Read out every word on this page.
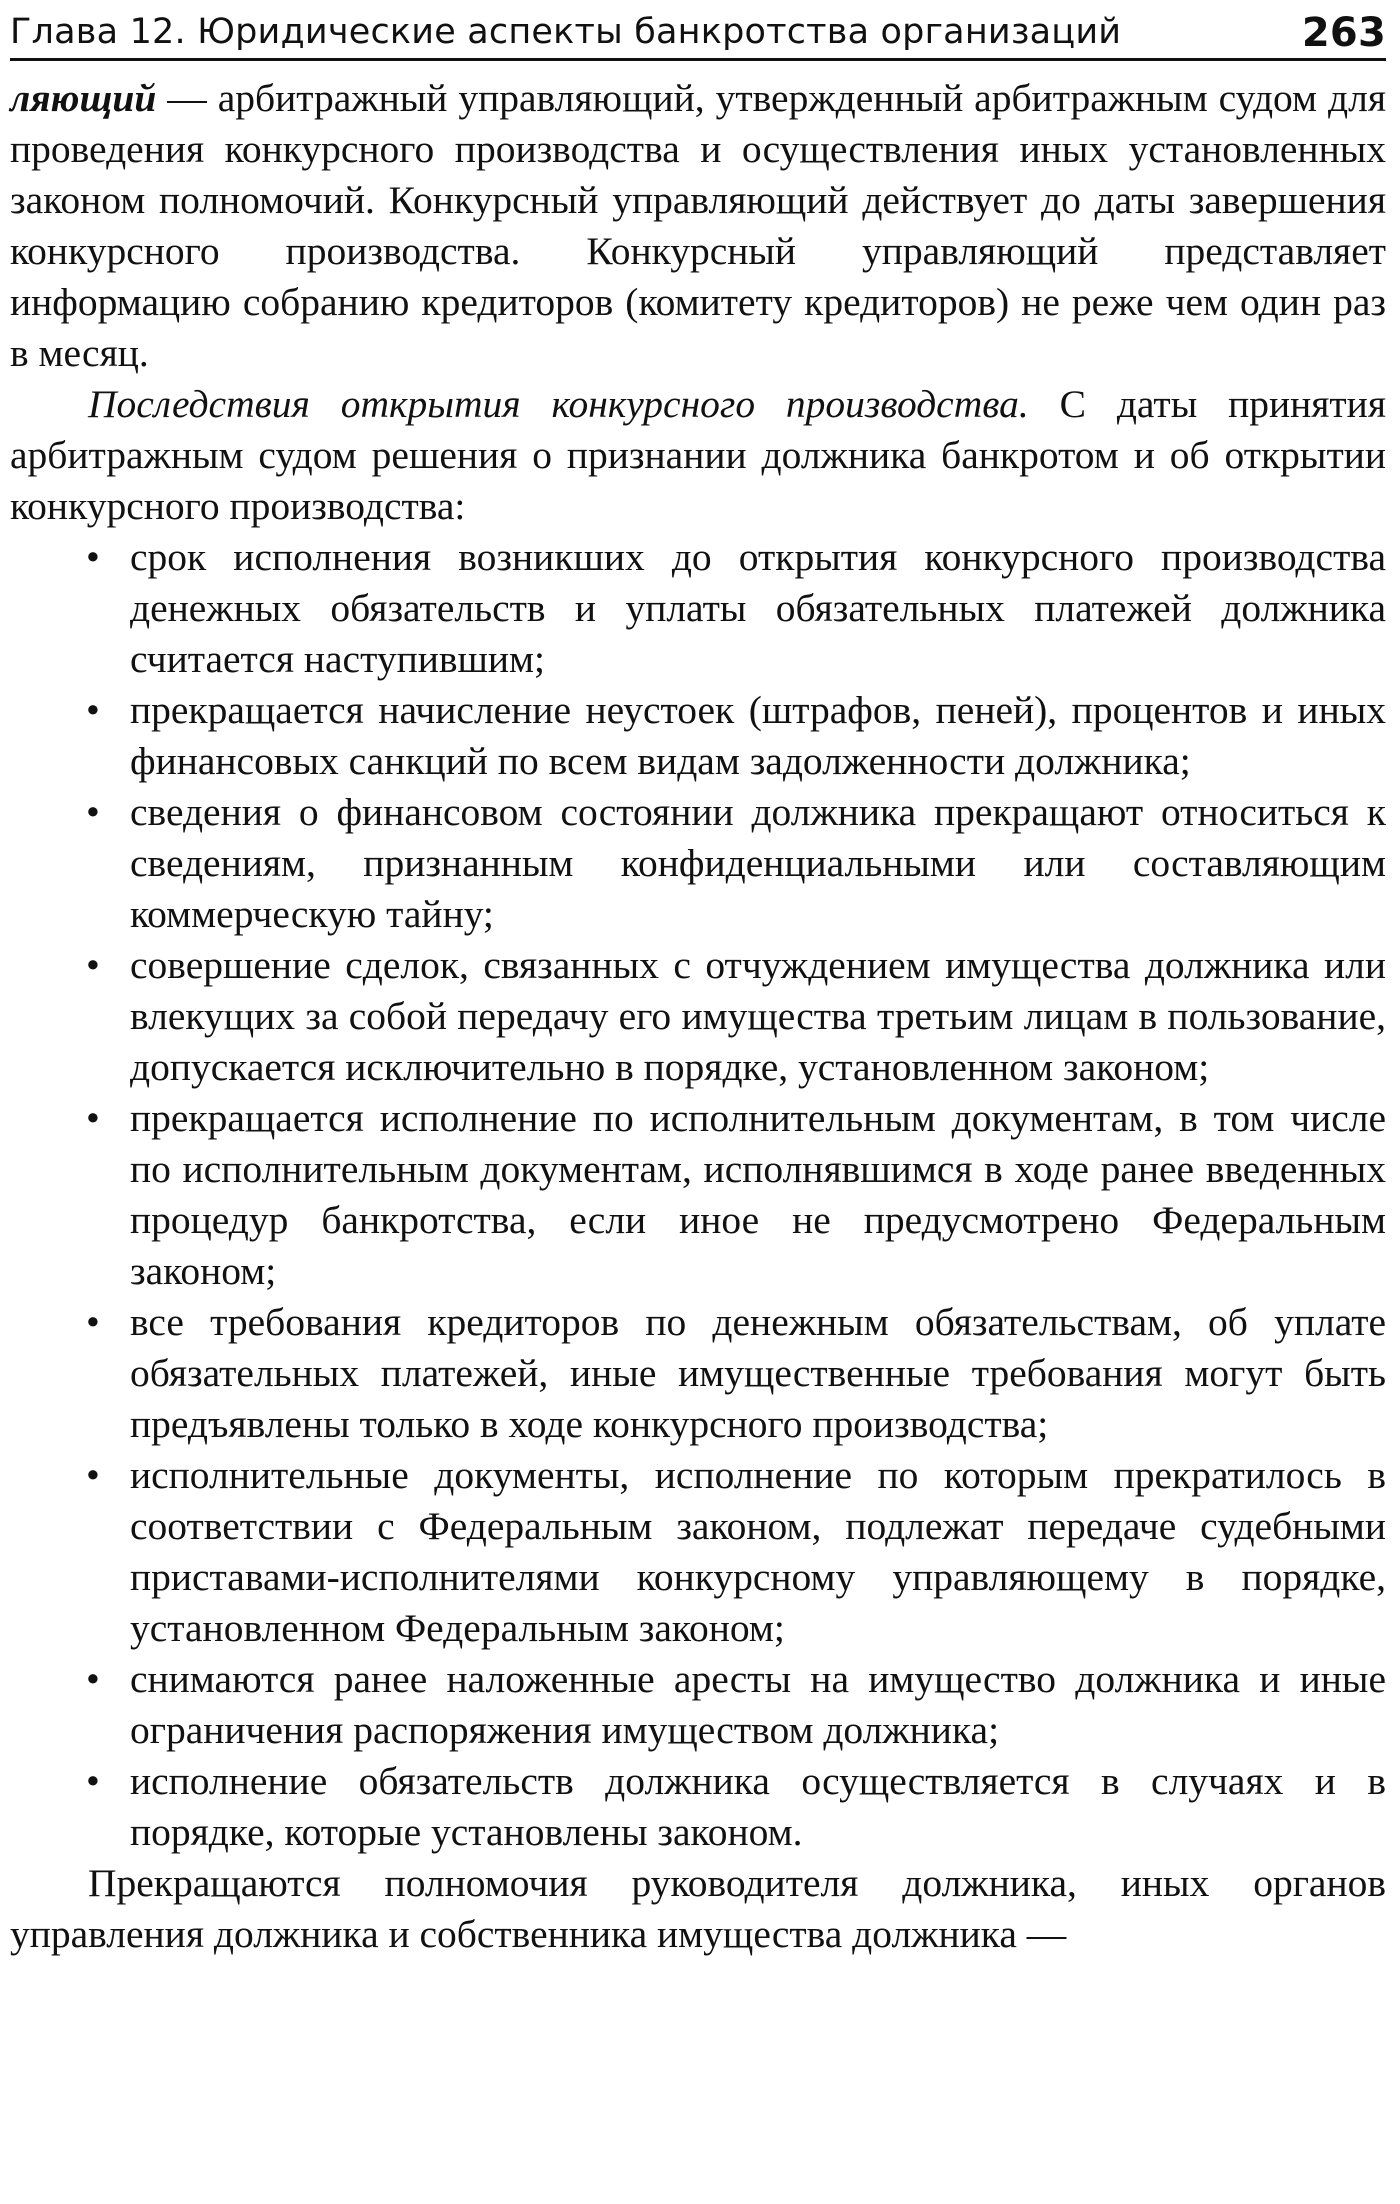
Глава 12. Юридические аспекты банкротства организаций	263

ляющий — арбитражный управляющий, утвержденный арбитражным судом для проведения конкурсного производства и осуществления иных установленных законом полномочий. Конкурсный управляющий действует до даты завершения конкурсного производства. Конкурсный управляющий представляет информацию собранию кредиторов (комитету кредиторов) не реже чем один раз в месяц.

Последствия открытия конкурсного производства. С даты принятия арбитражным судом решения о признании должника банкротом и об открытии конкурсного производства:

• срок исполнения возникших до открытия конкурсного производства денежных обязательств и уплаты обязательных платежей должника считается наступившим;
• прекращается начисление неустоек (штрафов, пеней), процентов и иных финансовых санкций по всем видам задолженности должника;
• сведения о финансовом состоянии должника прекращают относиться к сведениям, признанным конфиденциальными или составляющим коммерческую тайну;
• совершение сделок, связанных с отчуждением имущества должника или влекущих за собой передачу его имущества третьим лицам в пользование, допускается исключительно в порядке, установленном законом;
• прекращается исполнение по исполнительным документам, в том числе по исполнительным документам, исполнявшимся в ходе ранее введенных процедур банкротства, если иное не предусмотрено Федеральным законом;
• все требования кредиторов по денежным обязательствам, об уплате обязательных платежей, иные имущественные требования могут быть предъявлены только в ходе конкурсного производства;
• исполнительные документы, исполнение по которым прекратилось в соответствии с Федеральным законом, подлежат передаче судебными приставами-исполнителями конкурсному управляющему в порядке, установленном Федеральным законом;
• снимаются ранее наложенные аресты на имущество должника и иные ограничения распоряжения имуществом должника;
• исполнение обязательств должника осуществляется в случаях и в порядке, которые установлены законом.

Прекращаются полномочия руководителя должника, иных органов управления должника и собственника имущества должника —
